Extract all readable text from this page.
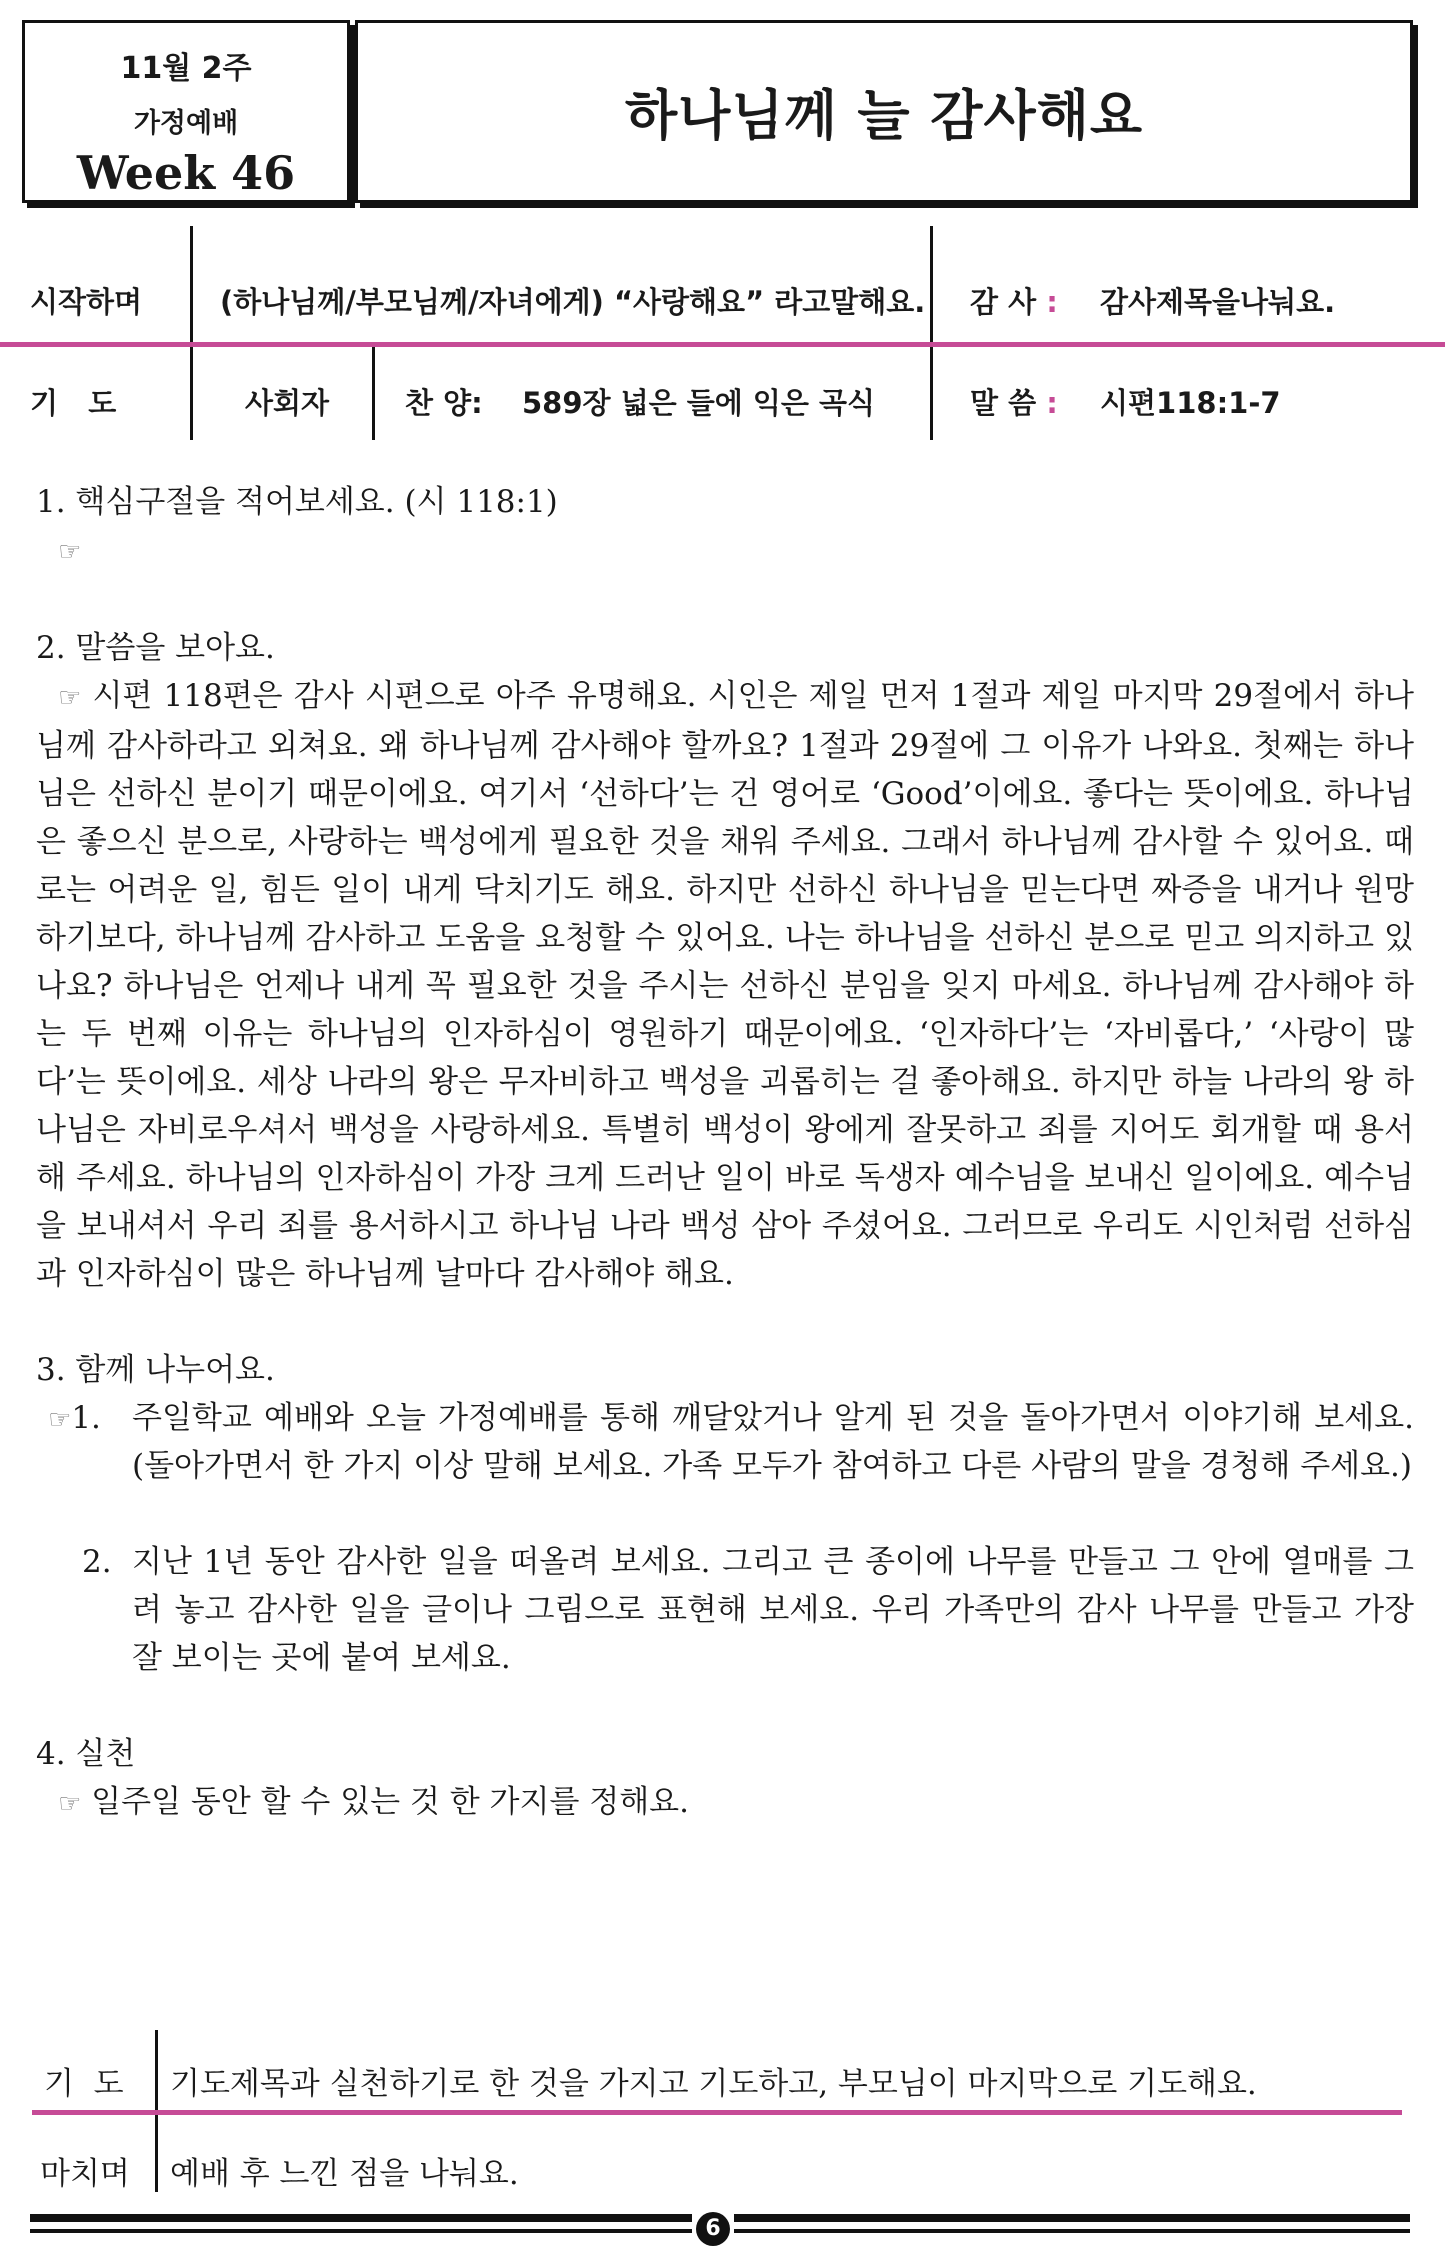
11월 2주
가정예배
Week 46
하나님께 늘 감사해요
시작하며	(하나님께/부모님께/자녀에게) “사랑해요” 라고말해요. 감 사 : 감사제목을나눠요.
기   도	사회자	찬 양: 589장 넓은 들에 익은 곡식	말 씀 : 시편118:1-7

1. 핵심구절을 적어보세요. (시 118:1)

☞

2. 말씀을 보아요.

☞ 시편 118편은 감사 시편으로 아주 유명해요. 시인은 제일 먼저 1절과 제일 마지막 29절에서 하나님께 감사하라고 외쳐요. 왜 하나님께 감사해야 할까요? 1절과 29절에 그 이유가 나와요. 첫째는 하나님은 선하신 분이기 때문이에요. 여기서 ‘선하다’는 건 영어로 ‘Good’이에요. 좋다는 뜻이에요. 하나님은 좋으신 분으로, 사랑하는 백성에게 필요한 것을 채워 주세요. 그래서 하나님께 감사할 수 있어요. 때로는 어려운 일, 힘든 일이 내게 닥치기도 해요. 하지만 선하신 하나님을 믿는다면 짜증을 내거나 원망하기보다, 하나님께 감사하고 도움을 요청할 수 있어요. 나는 하나님을 선하신 분으로 믿고 의지하고 있나요? 하나님은 언제나 내게 꼭 필요한 것을 주시는 선하신 분임을 잊지 마세요. 하나님께 감사해야 하는 두 번째 이유는 하나님의 인자하심이 영원하기 때문이에요. ‘인자하다’는 ‘자비롭다,’ ‘사랑이 많다’는 뜻이에요. 세상 나라의 왕은 무자비하고 백성을 괴롭히는 걸 좋아해요. 하지만 하늘 나라의 왕 하나님은 자비로우셔서 백성을 사랑하세요. 특별히 백성이 왕에게 잘못하고 죄를 지어도 회개할 때 용서해 주세요. 하나님의 인자하심이 가장 크게 드러난 일이 바로 독생자 예수님을 보내신 일이에요. 예수님을 보내셔서 우리 죄를 용서하시고 하나님 나라 백성 삼아 주셨어요. 그러므로 우리도 시인처럼 선하심과 인자하심이 많은 하나님께 날마다 감사해야 해요.

3. 함께 나누어요.

☞1.	주일학교 예배와 오늘 가정예배를 통해 깨달았거나 알게 된 것을 돌아가면서 이야기해 보세요. (돌아가면서 한 가지 이상 말해 보세요. 가족 모두가 참여하고 다른 사람의 말을 경청해 주세요.)
2. 지난 1년 동안 감사한 일을 떠올려 보세요. 그리고 큰 종이에 나무를 만들고 그 안에 열매를 그려 놓고 감사한 일을 글이나 그림으로 표현해 보세요. 우리 가족만의 감사 나무를 만들고 가장 잘 보이는 곳에 붙여 보세요.

4. 실천

☞ 일주일 동안 할 수 있는 것 한 가지를 정해요.

기  도 기도제목과 실천하기로 한 것을 가지고 기도하고, 부모님이 마지막으로 기도해요.
마치며 예배 후 느낀 점을 나눠요.
6
